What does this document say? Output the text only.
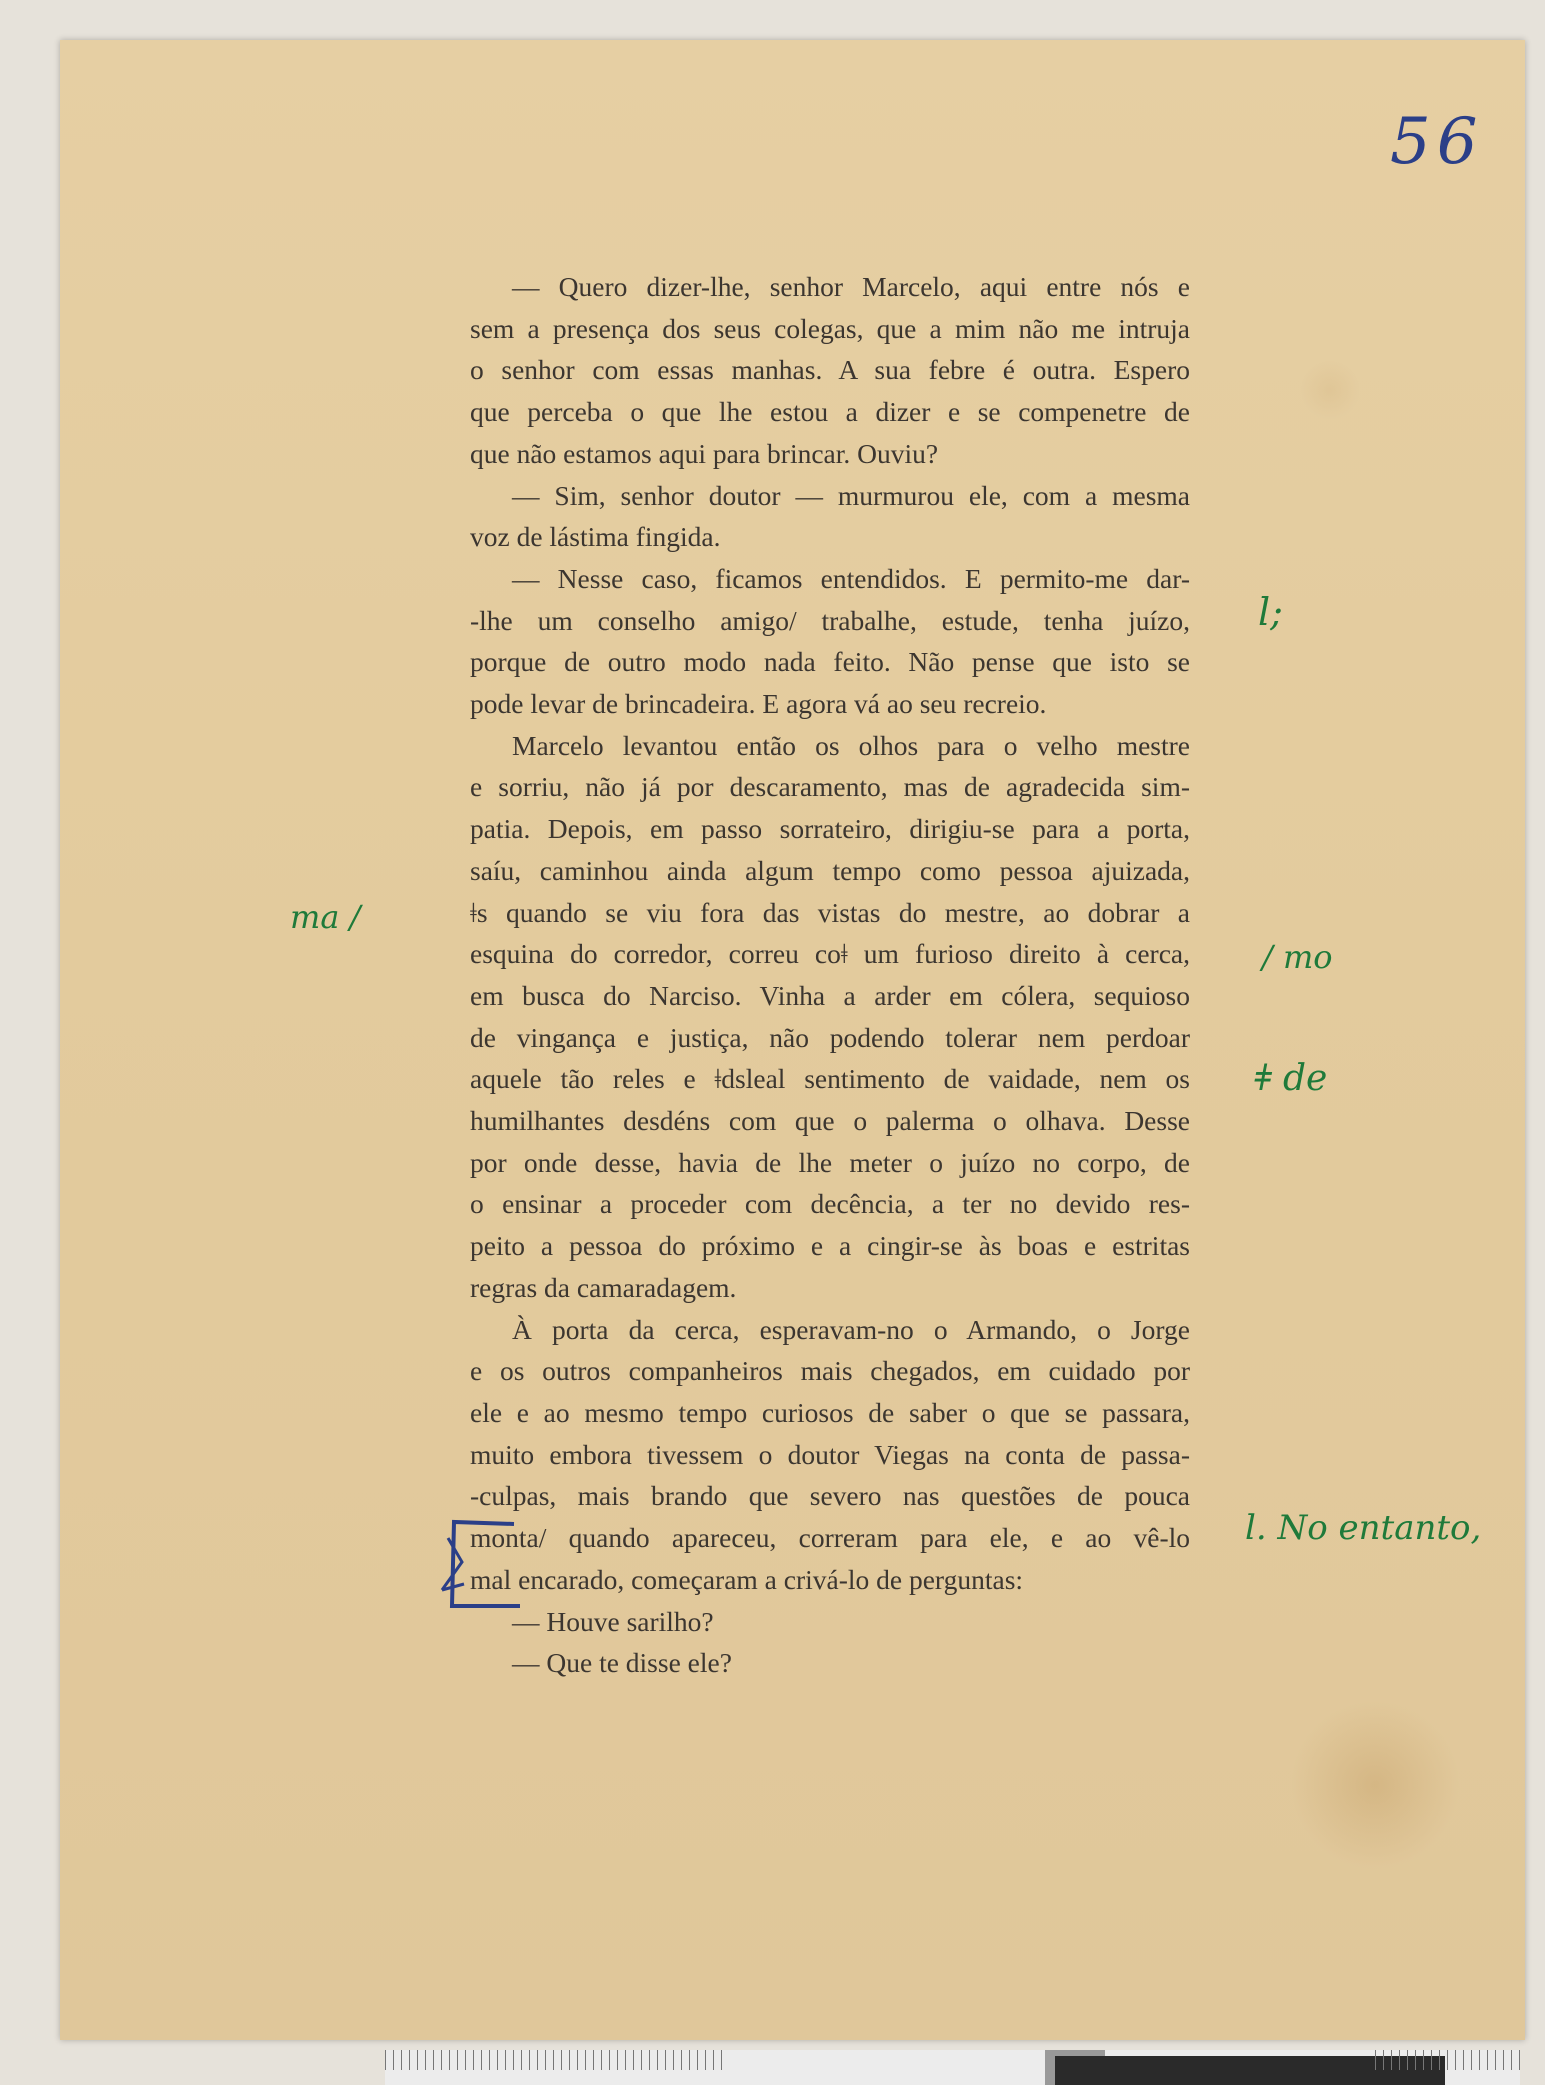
56
— Quero dizer-lhe, senhor Marcelo, aqui entre nós e
sem a presença dos seus colegas, que a mim não me intruja
o senhor com essas manhas. A sua febre é outra. Espero
que perceba o que lhe estou a dizer e se compenetre de
que não estamos aqui para brincar. Ouviu?
— Sim, senhor doutor — murmurou ele, com a mesma
voz de lástima fingida.
— Nesse caso, ficamos entendidos. E permito-me dar-
-lhe um conselho amigo/ trabalhe, estude, tenha juízo,
porque de outro modo nada feito. Não pense que isto se
pode levar de brincadeira. E agora vá ao seu recreio.
Marcelo levantou então os olhos para o velho mestre
e sorriu, não já por descaramento, mas de agradecida sim-
patia. Depois, em passo sorrateiro, dirigiu-se para a porta,
saíu, caminhou ainda algum tempo como pessoa ajuizada,
ǂs quando se viu fora das vistas do mestre, ao dobrar a
esquina do corredor, correu coǂ um furioso direito à cerca,
em busca do Narciso. Vinha a arder em cólera, sequioso
de vingança e justiça, não podendo tolerar nem perdoar
aquele tão reles e ǂdsleal sentimento de vaidade, nem os
humilhantes desdéns com que o palerma o olhava. Desse
por onde desse, havia de lhe meter o juízo no corpo, de
o ensinar a proceder com decência, a ter no devido res-
peito a pessoa do próximo e a cingir-se às boas e estritas
regras da camaradagem.
À porta da cerca, esperavam-no o Armando, o Jorge
e os outros companheiros mais chegados, em cuidado por
ele e ao mesmo tempo curiosos de saber o que se passara,
muito embora tivessem o doutor Viegas na conta de passa-
-culpas, mais brando que severo nas questões de pouca
monta/ quando apareceu, correram para ele, e ao vê-lo
mal encarado, começaram a crivá-lo de perguntas:
— Houve sarilho?
— Que te disse ele?
l;
ma /
/ mo
ǂ de
l. No entanto,
